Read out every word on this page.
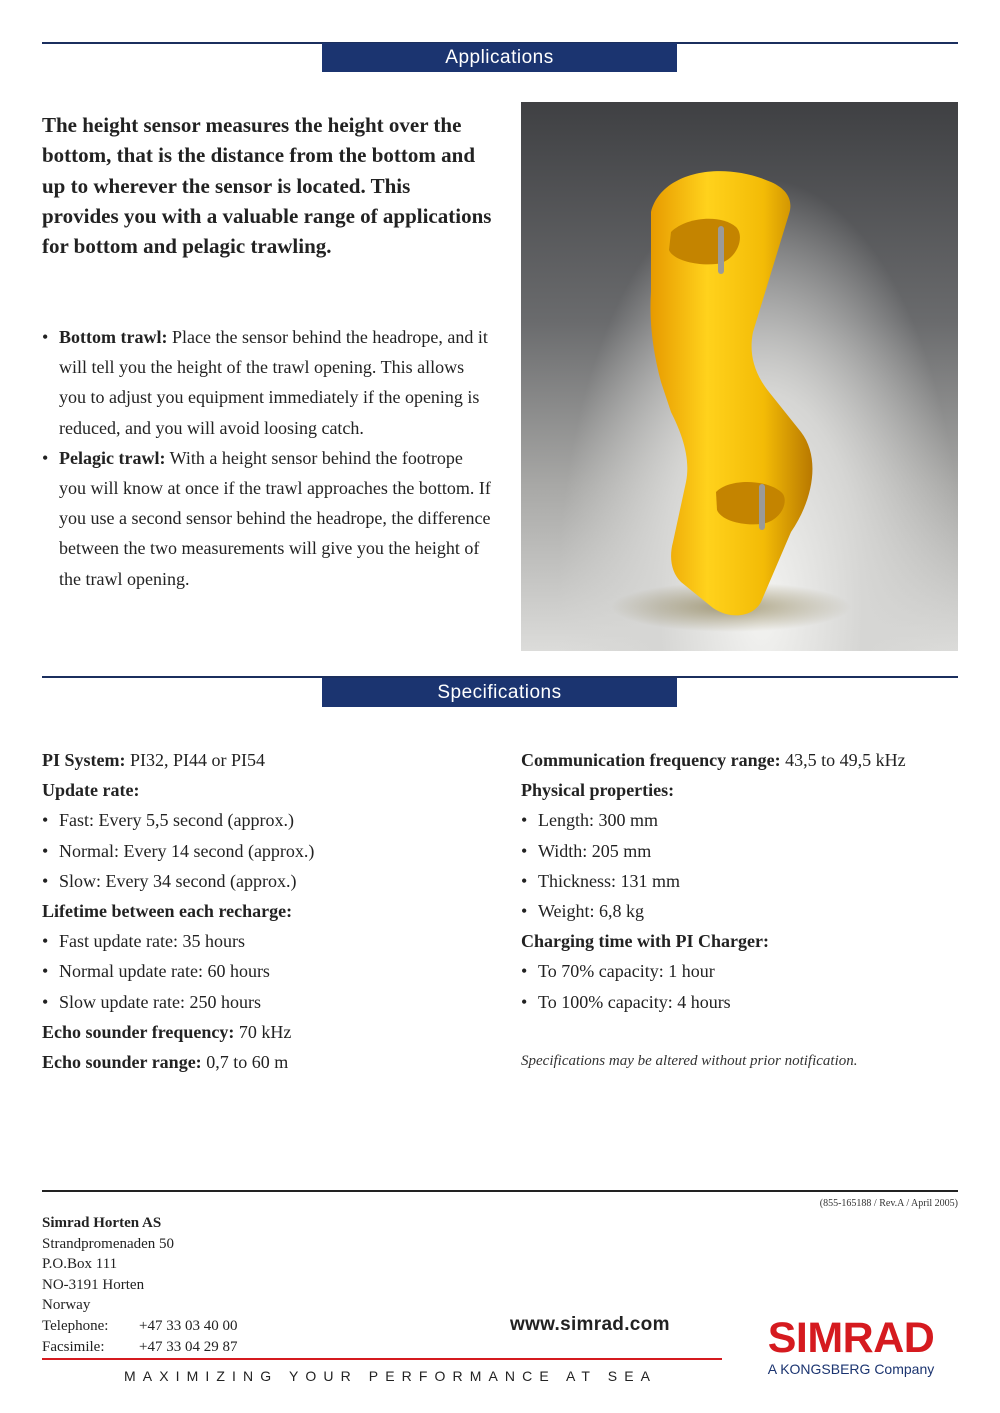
Applications

The height sensor measures the height over the bottom, that is the distance from the bottom and up to wherever the sensor is located. This provides you with a valuable range of applications for bottom and pelagic trawling.

• Bottom trawl: Place the sensor behind the headrope, and it will tell you the height of the trawl opening. This allows you to adjust you equipment immediately if the opening is reduced, and you will avoid loosing catch.
• Pelagic trawl: With a height sensor behind the footrope you will know at once if the trawl approaches the bottom. If you use a second sensor behind the headrope, the difference between the two measurements will give you the height of the trawl opening.
Specifications
PI System: PI32, PI44 or PI54
Update rate:
• Fast: Every 5,5 second (approx.)
• Normal: Every 14 second (approx.)
• Slow: Every 34 second (approx.)
Lifetime between each recharge:
• Fast update rate: 35 hours
• Normal update rate: 60 hours
• Slow update rate: 250 hours
Echo sounder frequency: 70 kHz
Echo sounder range: 0,7 to 60 m
Communication frequency range: 43,5 to 49,5 kHz
Physical properties:
• Length: 300 mm
• Width: 205 mm
• Thickness: 131 mm
• Weight: 6,8 kg
Charging time with PI Charger:
• To 70% capacity: 1 hour
• To 100% capacity: 4 hours

Specifications may be altered without prior notification.

(855-165188 / Rev.A / April 2005)

Simrad Horten AS
Strandpromenaden 50
P.O.Box 111
NO-3191 Horten
Norway
Telephone: +47 33 03 40 00
Facsimile: +47 33 04 29 87
www.simrad.com

MAXIMIZING YOUR PERFORMANCE AT SEA

SIMRAD
A KONGSBERG Company
